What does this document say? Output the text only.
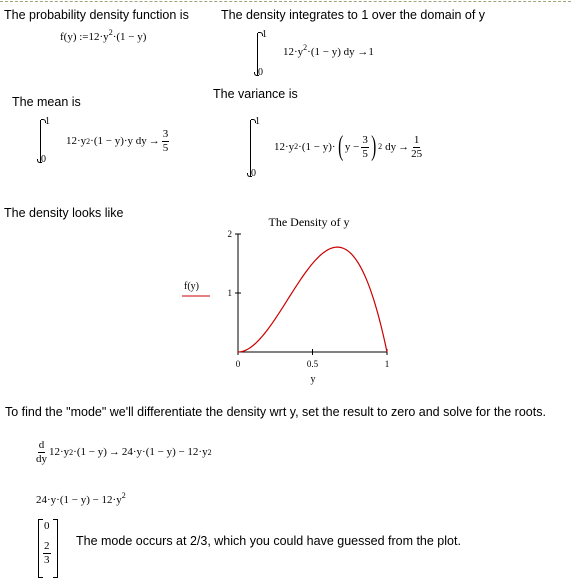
The probability density function is
f(y) $:=12\cdot y^2\cdot(1 - y)$
The density integrates to 1 over the domain of y
1
0
$12\cdot y^2\cdot(1 - y)$ dy →1
The mean is
1
0
12·y 2 ·(1 − y)·y dy → $\frac{3}{5}$
The variance is
1
0
12·y 2 ·(1 − y)· ( $y - \frac{3}{5}$ ) 2 dy → $\frac{1}{25}$
The density looks like
The Density of y
0	0.5	1
1
2
f(y)
y
To find the "mode" we'll differentiate the density wrt y, set the result to zero and solve for the roots.
$\frac{d}{dy} 12\cdot y$ 2 ·(1 − y) → 24·y·(1 − y) − 12·y 2
$24\cdot y\cdot(1 - y) - 12\cdot y^2$
0
$\frac{2}{3}$ The mode occurs at 2/3, which you could have guessed from the plot.
